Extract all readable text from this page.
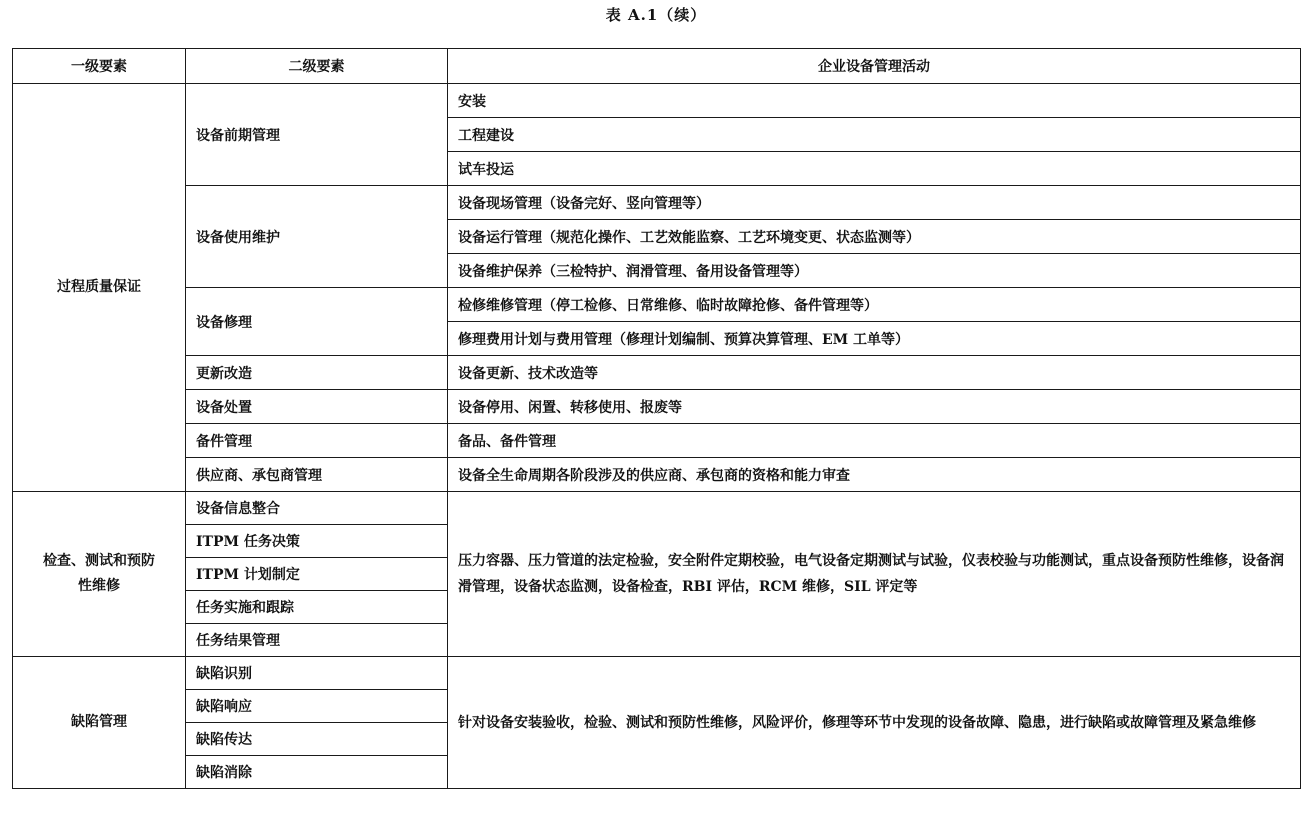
表 A.1（续）
一级要素	二级要素	企业设备管理活动
过程质量保证	设备前期管理	安装
		工程建设
		试车投运
	设备使用维护	设备现场管理（设备完好、竖向管理等）
		设备运行管理（规范化操作、工艺效能监察、工艺环境变更、状态监测等）
		设备维护保养（三检特护、润滑管理、备用设备管理等）
	设备修理	检修维修管理（停工检修、日常维修、临时故障抢修、备件管理等）
		修理费用计划与费用管理（修理计划编制、预算决算管理、EM 工单等）
	更新改造	设备更新、技术改造等
	设备处置	设备停用、闲置、转移使用、报废等
	备件管理	备品、备件管理
	供应商、承包商管理	设备全生命周期各阶段涉及的供应商、承包商的资格和能力审查
检查、测试和预防性维修	设备信息整合	压力容器、压力管道的法定检验，安全附件定期校验，电气设备定期测试与试验，仪表校验与功能测试，重点设备预防性维修，设备润滑管理，设备状态监测，设备检查，RBI 评估，RCM 维修，SIL 评定等
	ITPM 任务决策	
	ITPM 计划制定	
	任务实施和跟踪	
	任务结果管理	
缺陷管理	缺陷识别	针对设备安装验收，检验、测试和预防性维修，风险评价，修理等环节中发现的设备故障、隐患，进行缺陷或故障管理及紧急维修
	缺陷响应	
	缺陷传达	
	缺陷消除	
